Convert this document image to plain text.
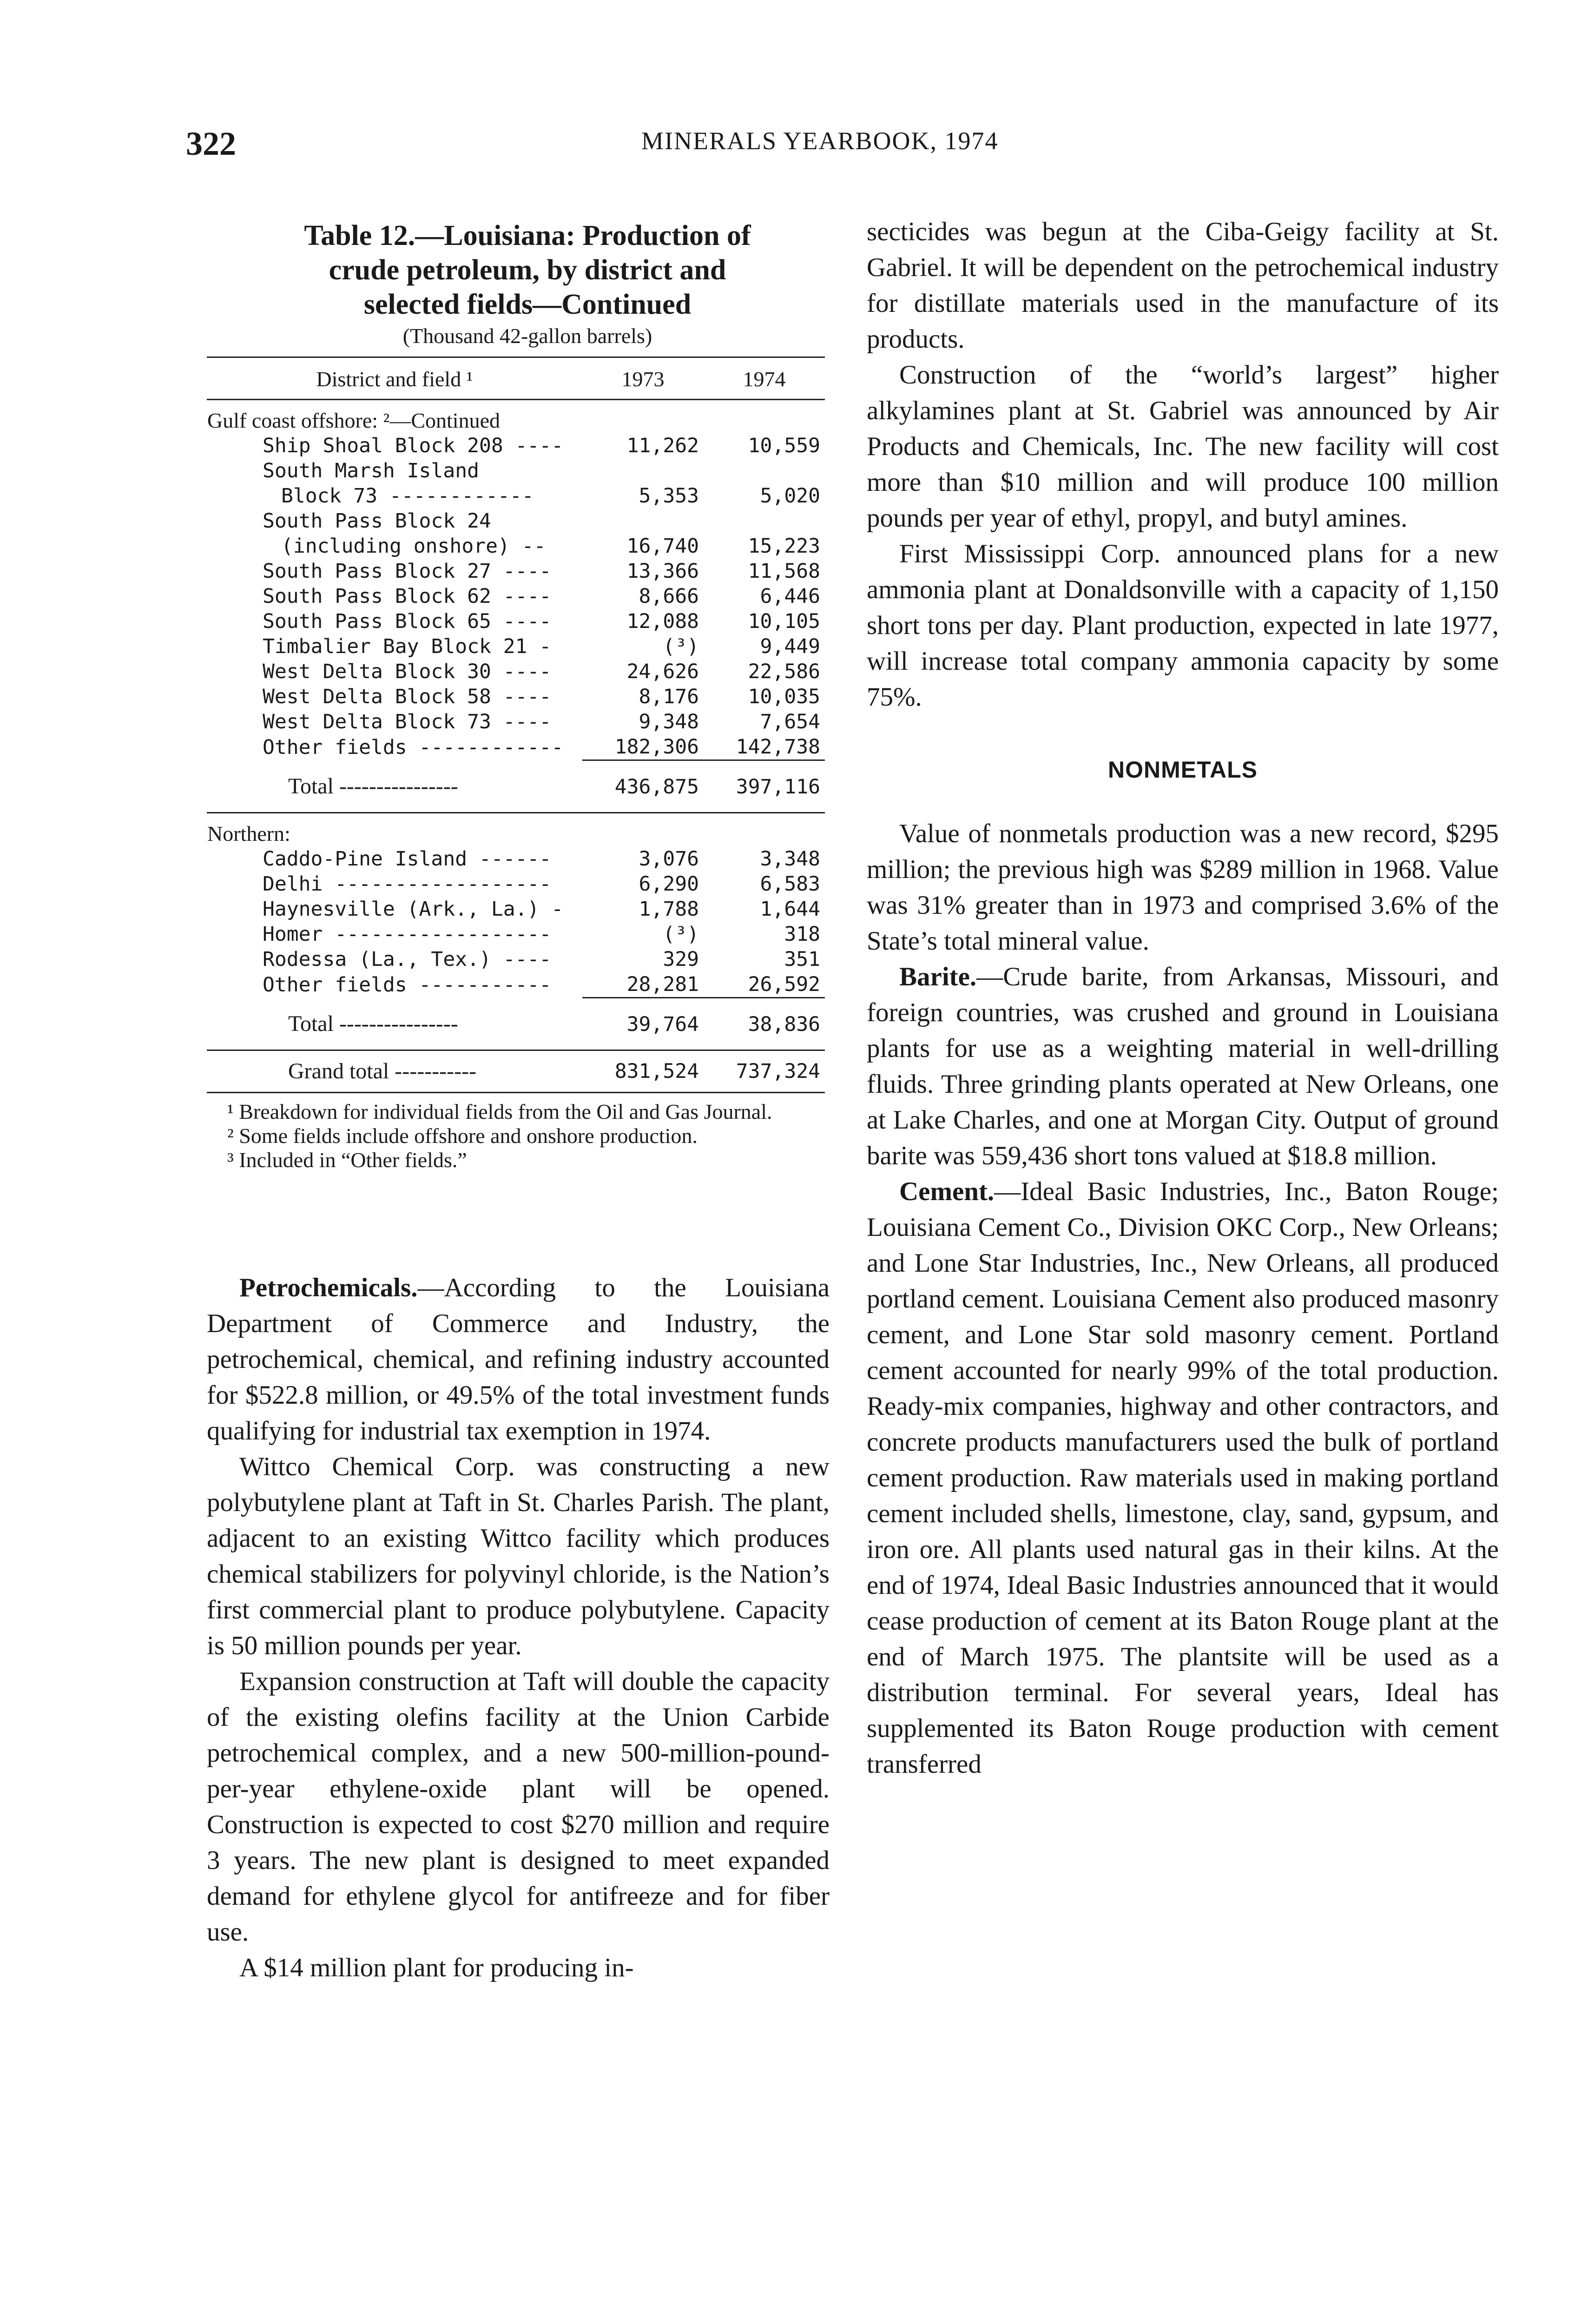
322	MINERALS YEARBOOK, 1974
Table 12.—Louisiana: Production of
crude petroleum, by district and
selected fields—Continued
(Thousand 42-gallon barrels)
District and field ¹	1973	1974
Gulf coast offshore: ²—Continued		
Ship Shoal Block 208 ----	11,262	10,559
South Marsh Island		
Block 73 ------------	5,353	5,020
South Pass Block 24		
(including onshore) --	16,740	15,223
South Pass Block 27 ----	13,366	11,568
South Pass Block 62 ----	8,666	6,446
South Pass Block 65 ----	12,088	10,105
Timbalier Bay Block 21 -	(³)	9,449
West Delta Block 30 ----	24,626	22,586
West Delta Block 58 ----	8,176	10,035
West Delta Block 73 ----	9,348	7,654
Other fields ------------	182,306	142,738
Total ----------------	436,875	397,116
Northern:		
Caddo-Pine Island ------	3,076	3,348
Delhi ------------------	6,290	6,583
Haynesville (Ark., La.) -	1,788	1,644
Homer ------------------	(³)	318
Rodessa (La., Tex.) ----	329	351
Other fields -----------	28,281	26,592
Total ----------------	39,764	38,836
Grand total -----------	831,524	737,324

¹ Breakdown for individual fields from the Oil and Gas Journal.

² Some fields include offshore and onshore production.

³ Included in “Other fields.”

Petrochemicals.—According to the Louisiana Department of Commerce and Industry, the petrochemical, chemical, and refining industry accounted for $522.8 million, or 49.5% of the total investment funds qualifying for industrial tax exemption in 1974.

Wittco Chemical Corp. was constructing a new polybutylene plant at Taft in St. Charles Parish. The plant, adjacent to an existing Wittco facility which produces chemical stabilizers for polyvinyl chloride, is the Nation’s first commercial plant to produce polybutylene. Capacity is 50 million pounds per year.

Expansion construction at Taft will double the capacity of the existing olefins facility at the Union Carbide petrochemical complex, and a new 500-million-pound-per-year ethylene-oxide plant will be opened. Construction is expected to cost $270 million and require 3 years. The new plant is designed to meet expanded demand for ethylene glycol for antifreeze and for fiber use.

A $14 million plant for producing in-

secticides was begun at the Ciba-Geigy facility at St. Gabriel. It will be dependent on the petrochemical industry for distillate materials used in the manufacture of its products.

Construction of the “world’s largest” higher alkylamines plant at St. Gabriel was announced by Air Products and Chemicals, Inc. The new facility will cost more than $10 million and will produce 100 million pounds per year of ethyl, propyl, and butyl amines.

First Mississippi Corp. announced plans for a new ammonia plant at Donaldsonville with a capacity of 1,150 short tons per day. Plant production, expected in late 1977, will increase total company ammonia capacity by some 75%.

NONMETALS

Value of nonmetals production was a new record, $295 million; the previous high was $289 million in 1968. Value was 31% greater than in 1973 and comprised 3.6% of the State’s total mineral value.

Barite.—Crude barite, from Arkansas, Missouri, and foreign countries, was crushed and ground in Louisiana plants for use as a weighting material in well-drilling fluids. Three grinding plants operated at New Orleans, one at Lake Charles, and one at Morgan City. Output of ground barite was 559,436 short tons valued at $18.8 million.

Cement.—Ideal Basic Industries, Inc., Baton Rouge; Louisiana Cement Co., Division OKC Corp., New Orleans; and Lone Star Industries, Inc., New Orleans, all produced portland cement. Louisiana Cement also produced masonry cement, and Lone Star sold masonry cement. Portland cement accounted for nearly 99% of the total production. Ready-mix companies, highway and other contractors, and concrete products manufacturers used the bulk of portland cement production. Raw materials used in making portland cement included shells, limestone, clay, sand, gypsum, and iron ore. All plants used natural gas in their kilns. At the end of 1974, Ideal Basic Industries announced that it would cease production of cement at its Baton Rouge plant at the end of March 1975. The plantsite will be used as a distribution terminal. For several years, Ideal has supplemented its Baton Rouge production with cement transferred
